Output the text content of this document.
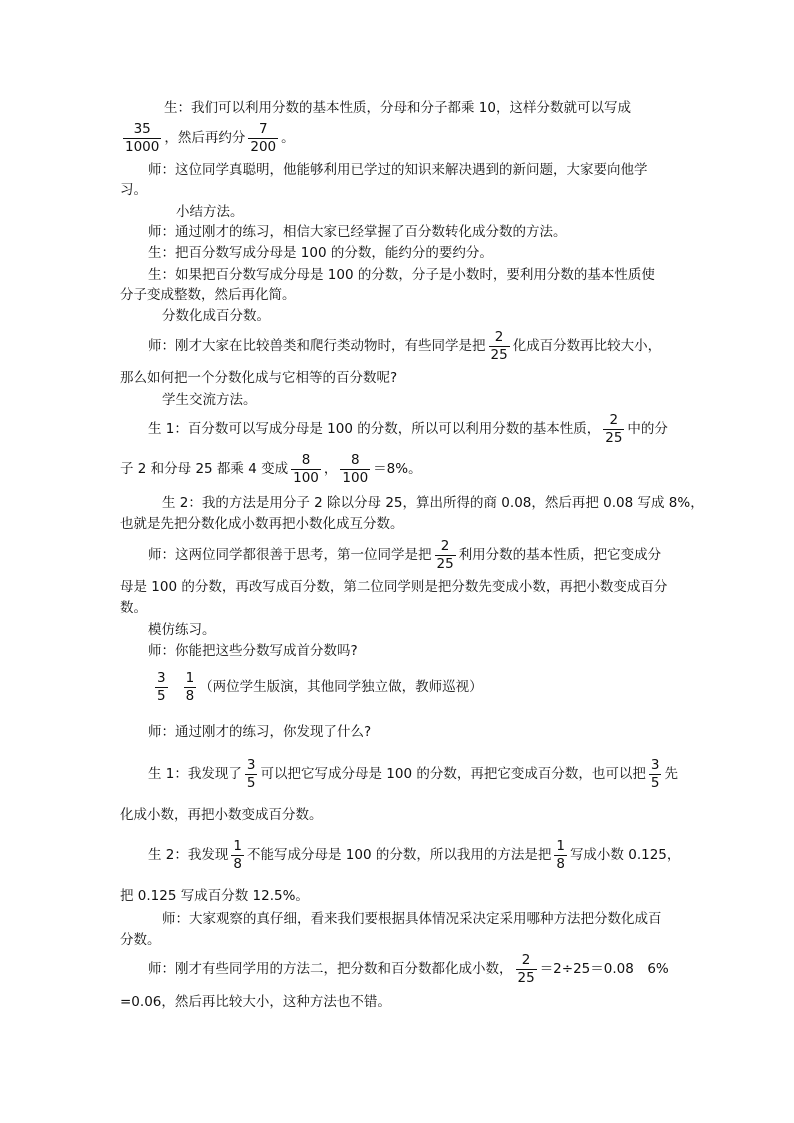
生：我们可以利用分数的基本性质，分母和分子都乘 10，这样分数就可以写成
$\frac{35}{1000}$ ，然后再约分 $\frac{7}{200}$ 。
师：这位同学真聪明，他能够利用已学过的知识来解决遇到的新问题，大家要向他学
习。
小结方法。
师：通过刚才的练习，相信大家已经掌握了百分数转化成分数的方法。
生：把百分数写成分母是 100 的分数，能约分的要约分。
生：如果把百分数写成分母是 100 的分数，分子是小数时，要利用分数的基本性质使
分子变成整数，然后再化简。
分数化成百分数。
师：刚才大家在比较兽类和爬行类动物时，有些同学是把 $\frac{2}{25}$ 化成百分数再比较大小，
那么如何把一个分数化成与它相等的百分数呢?
学生交流方法。
生 1：百分数可以写成分母是 100 的分数，所以可以利用分数的基本性质， $\frac{2}{25}$ 中的分
子 2 和分母 25 都乘 4 变成 $\frac{8}{100}$ ， $\frac{8}{100} =8\%$。
生 2：我的方法是用分子 2 除以分母 25，算出所得的商 0.08，然后再把 0.08 写成 8%，
也就是先把分数化成小数再把小数化成互分数。
师：这两位同学都很善于思考，第一位同学是把 $\frac{2}{25}$ 利用分数的基本性质，把它变成分
母是 100 的分数，再改写成百分数，第二位同学则是把分数先变成小数，再把小数变成百分
数。
模仿练习。
师：你能把这些分数写成首分数吗?
$\frac{3}{5} \frac{1}{8}$ （两位学生版演，其他同学独立做，教师巡视）
师：通过刚才的练习，你发现了什么?
生 1：我发现了 $\frac{3}{5}$ 可以把它写成分母是 100 的分数，再把它变成百分数，也可以把 $\frac{3}{5}$ 先
化成小数，再把小数变成百分数。
生 2：我发现 $\frac{1}{8}$ 不能写成分母是 100 的分数，所以我用的方法是把 $\frac{1}{8}$ 写成小数 0.125，
把 0.125 写成百分数 12.5%。
师：大家观察的真仔细，看来我们要根据具体情况采决定采用哪种方法把分数化成百
分数。
师：刚才有些同学用的方法二，把分数和百分数都化成小数， $\frac{2}{25} =2\div 25=0.08$　6%
=0.06，然后再比较大小，这种方法也不错。
